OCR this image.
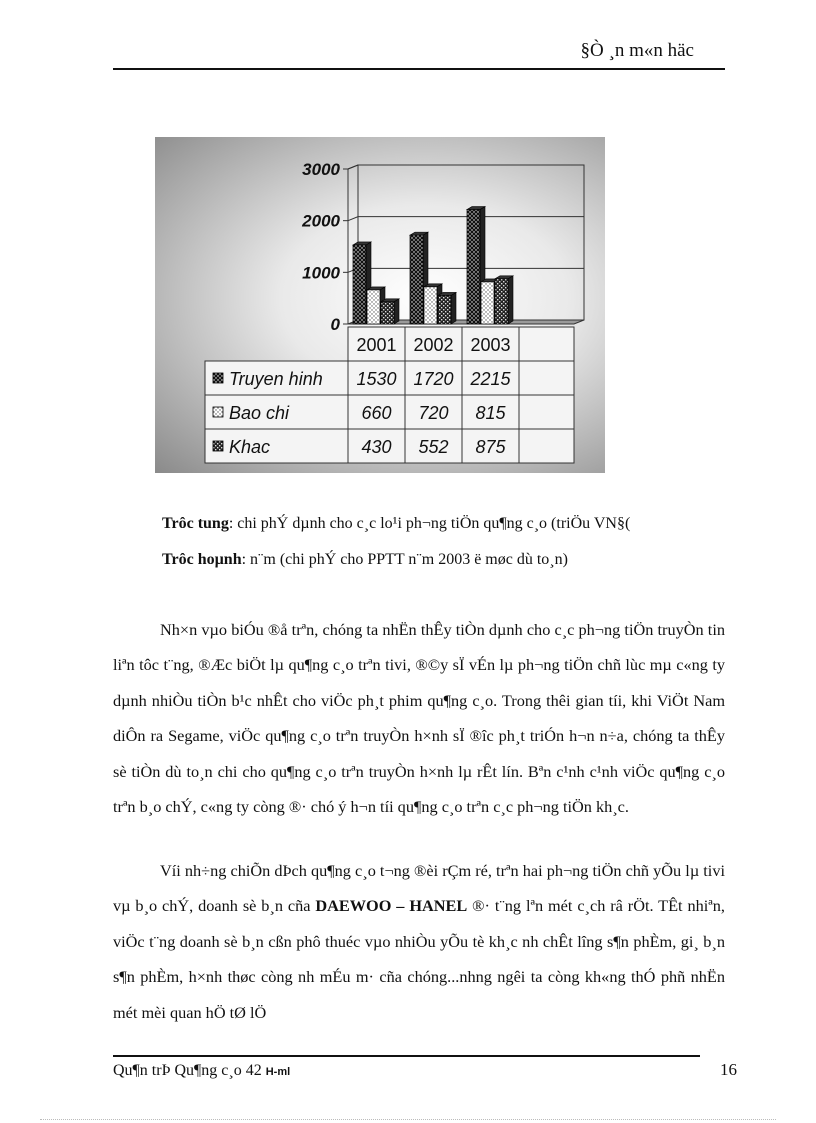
§Ò ¸n m«n häc
0
1000
2000
3000
2001 2002 2003
Truyen hinh 1530 1720 2215
Bao chi	660 720 815
Khac	430 552 875
Trôc tung: chi phÝ dµnh cho c¸c lo¹i ph¬ng tiÖn qu¶ng c¸o (triÖu VN§(
Trôc hoµnh: n¨m (chi phÝ cho PPTT n¨m 2003 ë møc dù to¸n)

Nh×n vµo biÓu ®å trªn, chóng ta nhËn thÊy tiÒn dµnh cho c¸c ph¬ng tiÖn truyÒn tin liªn tôc t¨ng, ®Æc biÖt lµ qu¶ng c¸o trªn tivi, ®©y sÏ vÉn lµ ph¬ng tiÖn chñ lùc mµ c«ng ty dµnh nhiÒu tiÒn b¹c nhÊt cho viÖc ph¸t phim qu¶ng c¸o. Trong thêi gian tíi, khi ViÖt Nam diÔn ra Segame, viÖc qu¶ng c¸o trªn truyÒn h×nh sÏ ®îc ph¸t triÓn h¬n n÷a, chóng ta thÊy sè tiÒn dù to¸n chi cho qu¶ng c¸o trªn truyÒn h×nh lµ rÊt lín. Bªn c¹nh c¹nh viÖc qu¶ng c¸o trªn b¸o chÝ, c«ng ty còng ®· chó ý h¬n tíi qu¶ng c¸o trªn c¸c ph¬ng tiÖn kh¸c.

Víi nh÷ng chiÕn dÞch qu¶ng c¸o t¬ng ®èi rÇm ré, trªn hai ph¬ng tiÖn chñ yÕu lµ tivi vµ b¸o chÝ, doanh sè b¸n cña DAEWOO – HANEL ®· t¨ng lªn mét c¸ch râ rÖt. TÊt nhiªn, viÖc t¨ng doanh sè b¸n cßn phô thuéc vµo nhiÒu yÕu tè kh¸c nh chÊt lîng s¶n phÈm, gi¸ b¸n s¶n phÈm, h×nh thøc còng nh mÉu m· cña chóng...nhng ngêi ta còng kh«ng thÓ phñ nhËn mét mèi quan hÖ tØ lÖ

Qu¶n trÞ Qu¶ng c¸o 42 H-ml	16
